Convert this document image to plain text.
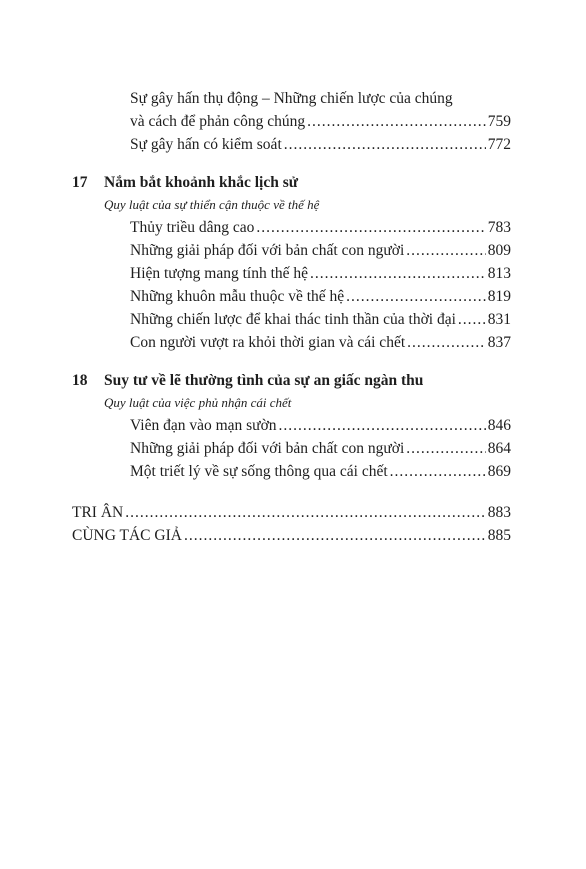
Sự gây hấn thụ động – Những chiến lược của chúng
và cách để phản công chúng .....	759
Sự gây hấn có kiểm soát .....	772
17 Nắm bắt khoảnh khắc lịch sử
Quy luật của sự thiển cận thuộc về thế hệ
Thủy triều dâng cao .....	783
Những giải pháp đối với bản chất con người .....	809
Hiện tượng mang tính thế hệ .....	813
Những khuôn mẫu thuộc về thế hệ .....	819
Những chiến lược để khai thác tinh thần của thời đại ..... 831
Con người vượt ra khỏi thời gian và cái chết .....	837
18 Suy tư về lẽ thường tình của sự an giấc ngàn thu
Quy luật của việc phủ nhận cái chết
Viên đạn vào mạn sườn .....	846
Những giải pháp đối với bản chất con người .....	864
Một triết lý về sự sống thông qua cái chết .....	869
TRI ÂN .....	883
CÙNG TÁC GIẢ .....	885
